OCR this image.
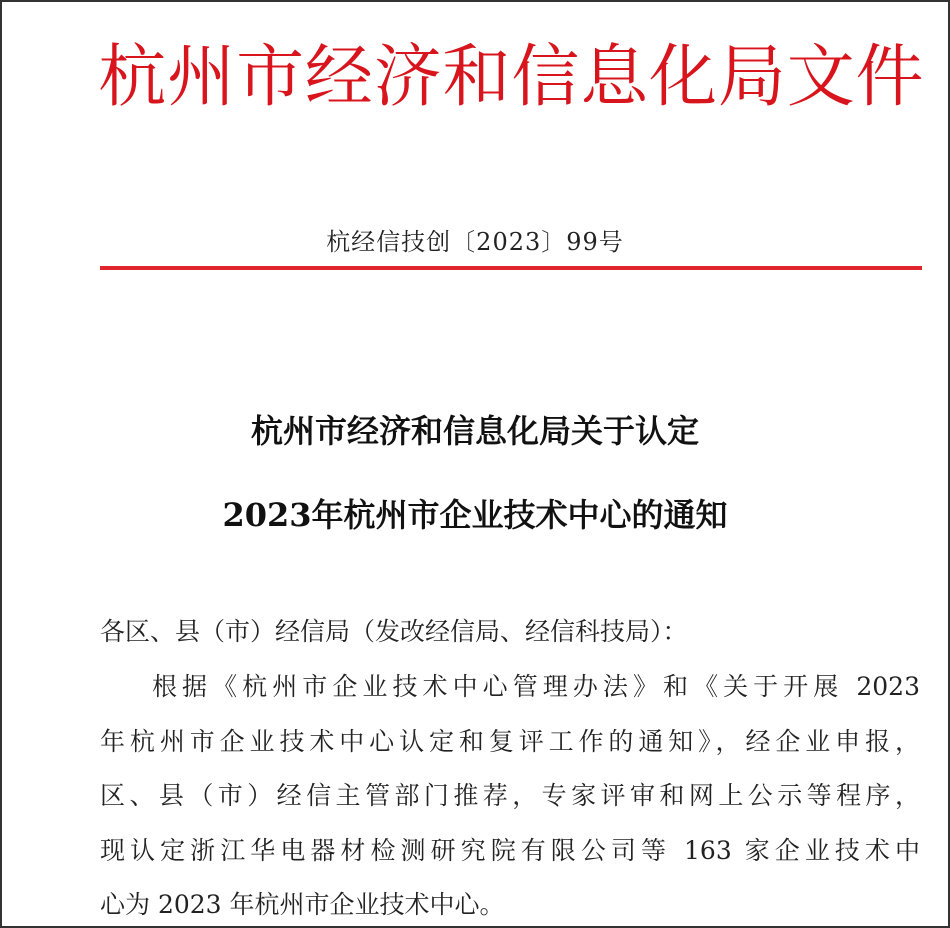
杭 州 市 经 济 和 信 息 化 局 文 件
杭经信技创〔2023〕99号
杭州市经济和信息化局关于认定
2023年杭州市企业技术中心的通知
各区、县（市）经信局（发改经信局、经信科技局）：
根据《杭州市企业技术中心管理办法》和《关于开展 2023
年杭州市企业技术中心认定和复评工作的通知》，经企业申报，
区、县（市）经信主管部门推荐，专家评审和网上公示等程序，
现认定浙江华电器材检测研究院有限公司等 163 家企业技术中
心为 2023 年杭州市企业技术中心。
